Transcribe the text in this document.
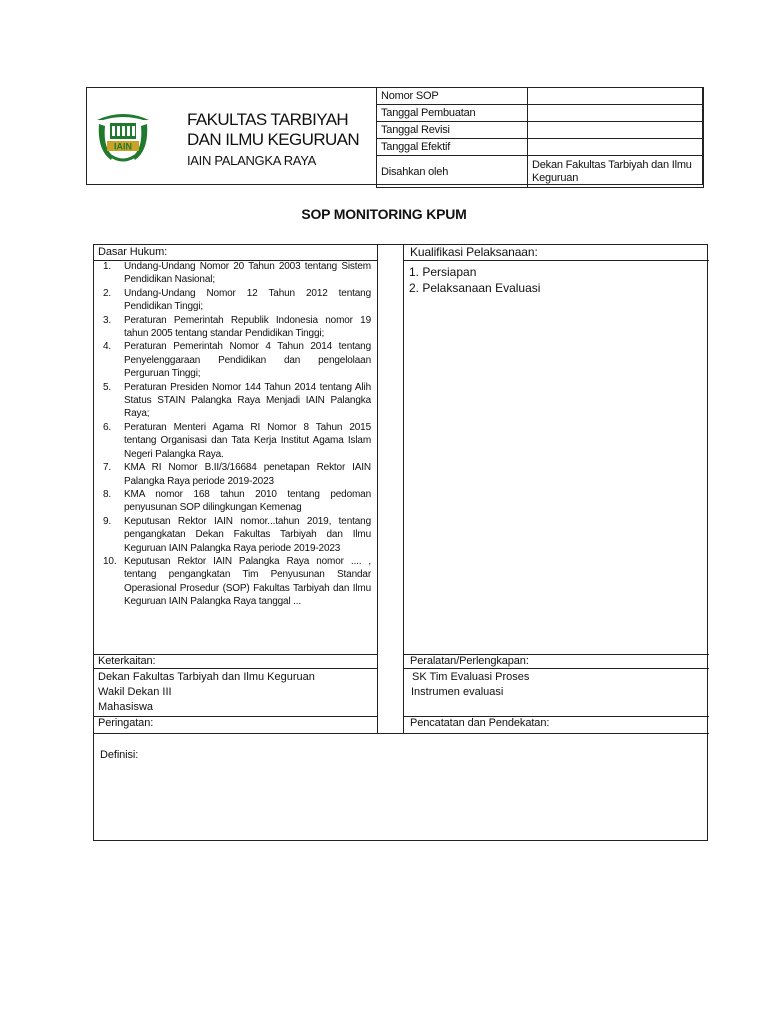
IAIN
FAKULTAS TARBIYAH
DAN ILMU KEGURUAN
IAIN PALANGKA RAYA
Nomor SOP	
Tanggal Pembuatan	
Tanggal Revisi	
Tanggal Efektif	
Disahkan oleh	Dekan Fakultas Tarbiyah dan Ilmu Keguruan
SOP MONITORING KPUM
Dasar Hukum:
1. Undang-Undang Nomor 20 Tahun 2003 tentang Sistem Pendidikan Nasional;
2. Undang-Undang Nomor 12 Tahun 2012 tentang Pendidikan Tinggi;
3. Peraturan Pemerintah Republik Indonesia nomor 19 tahun 2005 tentang standar Pendidikan Tinggi;
4. Peraturan Pemerintah Nomor 4 Tahun 2014 tentang Penyelenggaraan Pendidikan dan pengelolaan Perguruan Tinggi;
5. Peraturan Presiden Nomor 144 Tahun 2014 tentang Alih Status STAIN Palangka Raya Menjadi IAIN Palangka Raya;
6. Peraturan Menteri Agama RI Nomor 8 Tahun 2015 tentang Organisasi dan Tata Kerja Institut Agama Islam Negeri Palangka Raya.
7. KMA RI Nomor B.II/3/16684 penetapan Rektor IAIN Palangka Raya periode 2019-2023
8. KMA nomor 168 tahun 2010 tentang pedoman penyusunan SOP dilingkungan Kemenag
9. Keputusan Rektor IAIN nomor...tahun 2019, tentang pengangkatan Dekan Fakultas Tarbiyah dan Ilmu Keguruan IAIN Palangka Raya periode 2019-2023
10. Keputusan Rektor IAIN Palangka Raya nomor .... , tentang pengangkatan Tim Penyusunan Standar Operasional Prosedur (SOP) Fakultas Tarbiyah dan Ilmu Keguruan IAIN Palangka Raya tanggal ...
Kualifikasi Pelaksanaan:
1. Persiapan
2. Pelaksanaan Evaluasi
Keterkaitan:	Peralatan/Perlengkapan:
Dekan Fakultas Tarbiyah dan Ilmu Keguruan
Wakil Dekan III
Mahasiswa
SK Tim Evaluasi Proses
Instrumen evaluasi
Peringatan:	Pencatatan dan Pendekatan:
Definisi:
